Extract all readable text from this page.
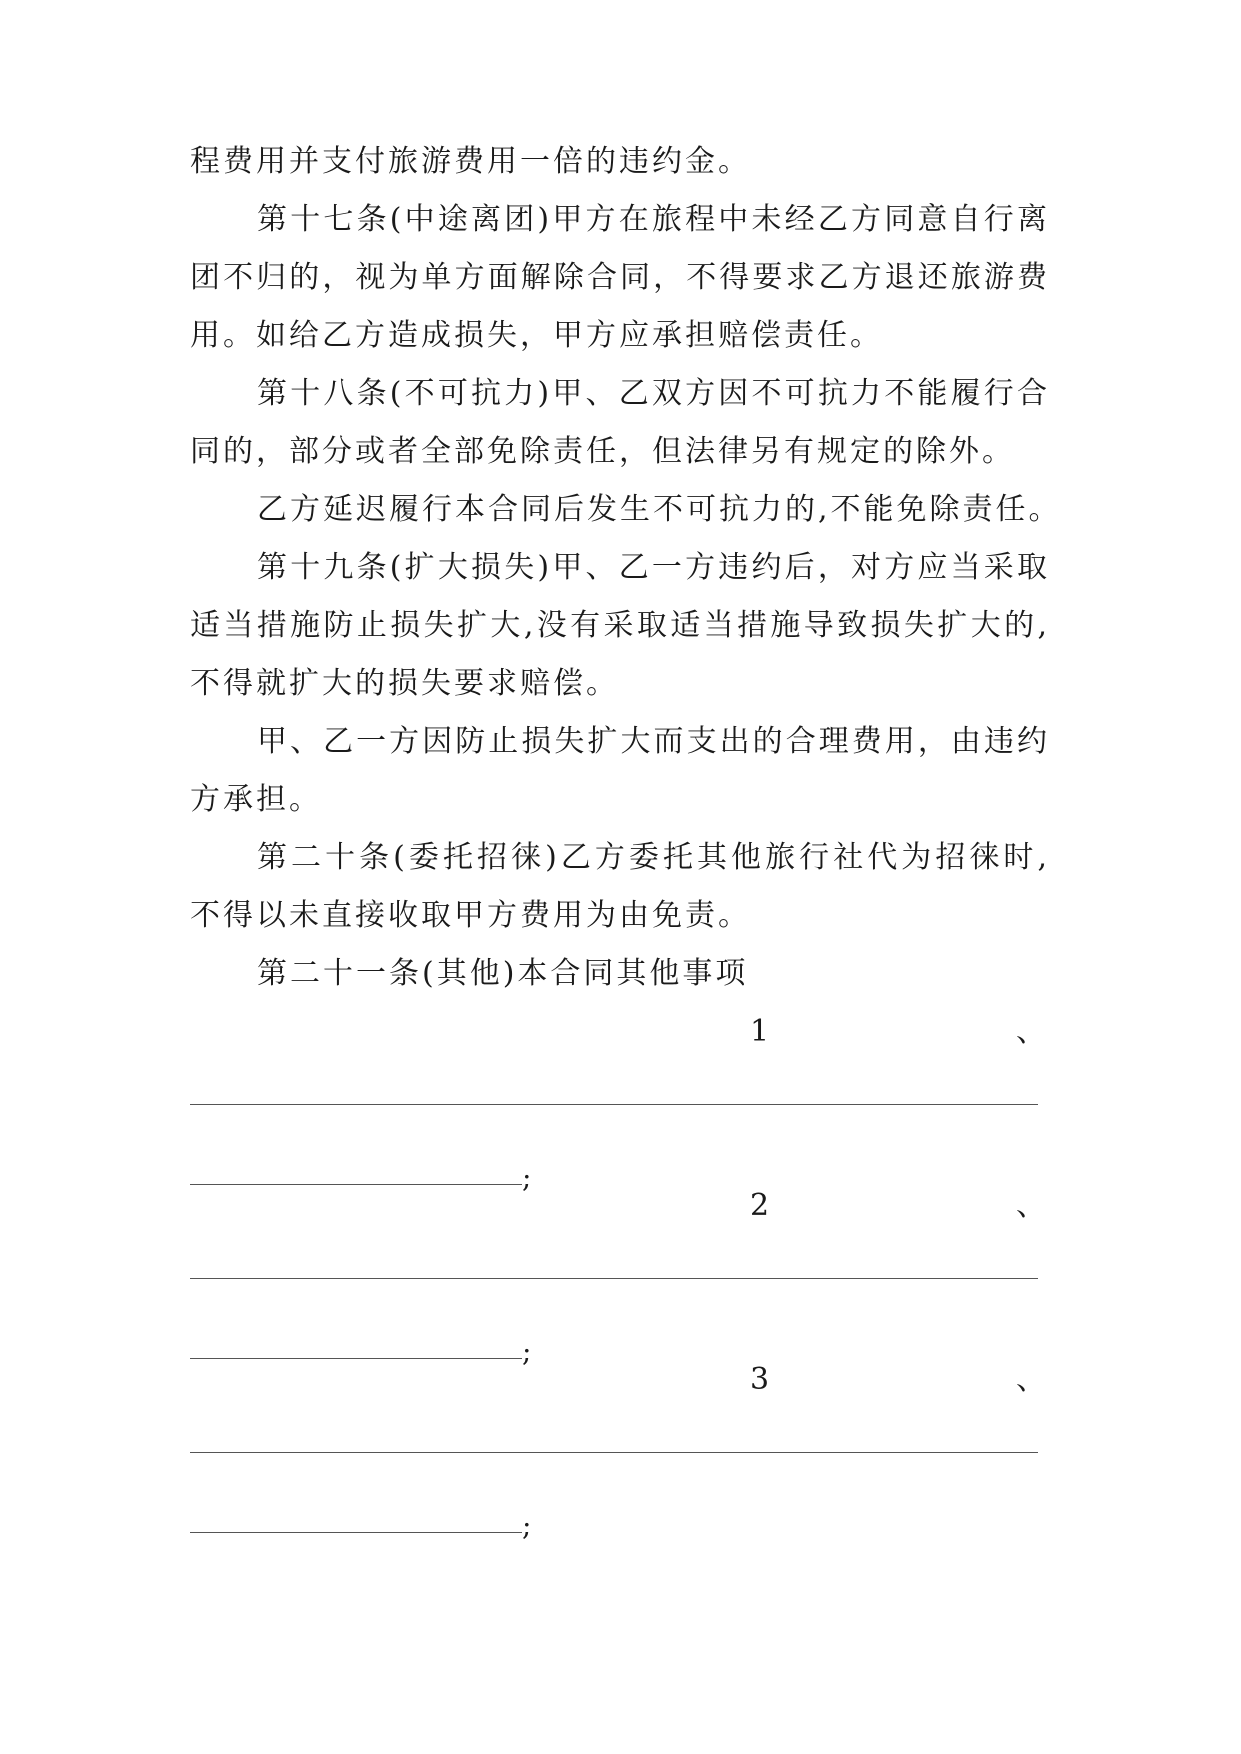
程费用并支付旅游费用一倍的违约金。

第十七条(中途离团)甲方在旅程中未经乙方同意自行离

团不归的，视为单方面解除合同，不得要求乙方退还旅游费

用。如给乙方造成损失，甲方应承担赔偿责任。

第十八条(不可抗力)甲、乙双方因不可抗力不能履行合

同的，部分或者全部免除责任，但法律另有规定的除外。

乙方延迟履行本合同后发生不可抗力的,不能免除责任。

第十九条(扩大损失)甲、乙一方违约后，对方应当采取

适当措施防止损失扩大,没有采取适当措施导致损失扩大的,

不得就扩大的损失要求赔偿。

甲、乙一方因防止损失扩大而支出的合理费用，由违约

方承担。

第二十条(委托招徕)乙方委托其他旅行社代为招徕时,

不得以未直接收取甲方费用为由免责。

第二十一条(其他)本合同其他事项

1	、
;
2	、
;
3	、
;
